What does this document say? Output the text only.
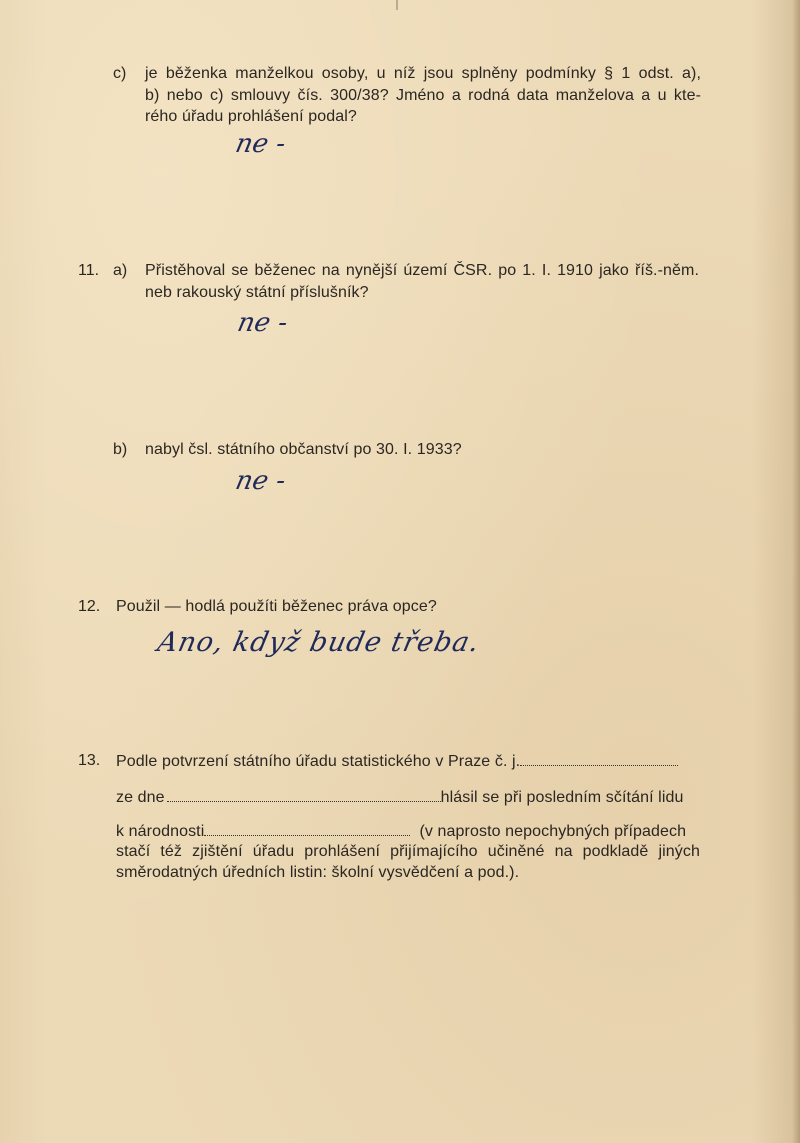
c) je běženka manželkou osoby, u níž jsou splněny podmínky § 1 odst. a),
b) nebo c) smlouvy čís. 300/38? Jméno a rodná data manželova a u kte-
rého úřadu prohlášení podal?
ne -
11. a) Přistěhoval se běženec na nynější území ČSR. po 1. I. 1910 jako říš.-něm.
neb rakouský státní příslušník?
ne -
b) nabyl čsl. státního občanství po 30. I. 1933?
ne -
12. Použil — hodlá použíti běženec práva opce?
Ano, když bude třeba.
13. Podle potvrzení státního úřadu statistického v Praze č. j.
ze dne	hlásil se při posledním sčítání lidu
k národnosti	(v naprosto nepochybných případech
stačí též zjištění úřadu prohlášení přijímajícího učiněné na podkladě jiných
směrodatných úředních listin: školní vysvědčení a pod.).
